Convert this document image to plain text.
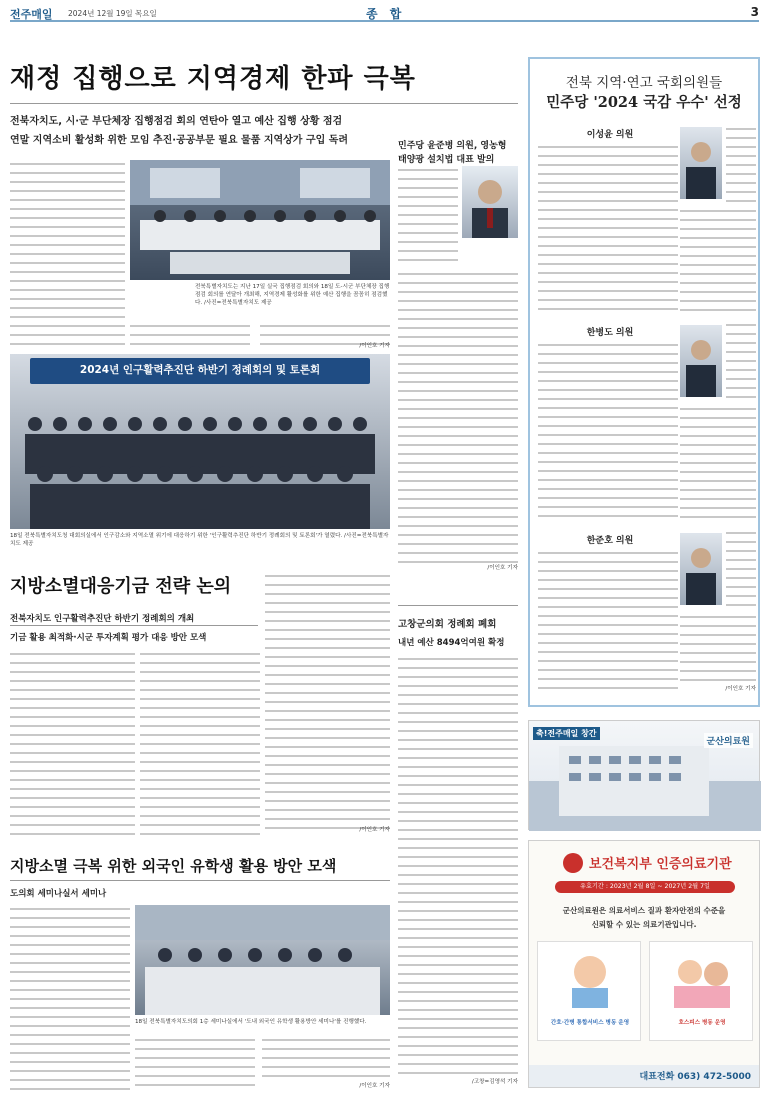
전주매일 2024년 12월 19일 목요일	종 합	3
재정 집행으로 지역경제 한파 극복
전북자치도, 시·군 부단체장 집행점검 회의 연탄아 열고 예산 집행 상황 점검
연말 지역소비 활성화 위한 모임 추진·공공부문 필요 물품 지역상가 구입 독려
전북특별자치도는 지난 17일 실국 집행점검 회의와 18일 도-시군 부단체장 집행점검 회의를 연달아 개최해, 지역경제 활성화를 위한 예산 집행을 꼼꼼히 점검했다. /사진=전북특별자치도 제공
/이인호 기자
민주당 윤준병 의원, 영농형
태양광 설치법 대표 발의
/이인호 기자
2024년 인구활력추진단 하반기 정례회의 및 토론회
18일 전북특별자치도청 대회의실에서 인구감소와 지역소멸 위기에 대응하기 위한 '인구활력추진단 하반기 정례회의 및 토론회'가 열렸다. /사진=전북특별자치도 제공
지방소멸대응기금 전략 논의
전북자치도 인구활력추진단 하반기 정례회의 개최
기금 활용 최적화·시군 투자계획 평가 대응 방안 모색
/이인호 기자
고창군의회 정례회 폐회
내년 예산 8494억여원 확정
/고창=김영석 기자
지방소멸 극복 위한 외국인 유학생 활용 방안 모색
도의회 세미나실서 세미나
18일 전북특별자치도의회 1층 세미나실에서 '도내 외국인 유학생 활용방안 세미나'를 진행했다.
/이인호 기자
전북 지역·연고 국회의원들
민주당 '2024 국감 우수' 선정
이성윤 의원
한병도 의원
한준호 의원
/이인호 기자
축!전주매일 창간
군산의료원
보건복지부 인증의료기관
유효기간 : 2023년 2월 8일 ~ 2027년 2월 7일
군산의료원은 의료서비스 질과 환자안전의 수준을
신뢰할 수 있는 의료기관입니다.
간호·간병 통합서비스 병동 운영	호스피스 병동 운영
대표전화 063) 472-5000
